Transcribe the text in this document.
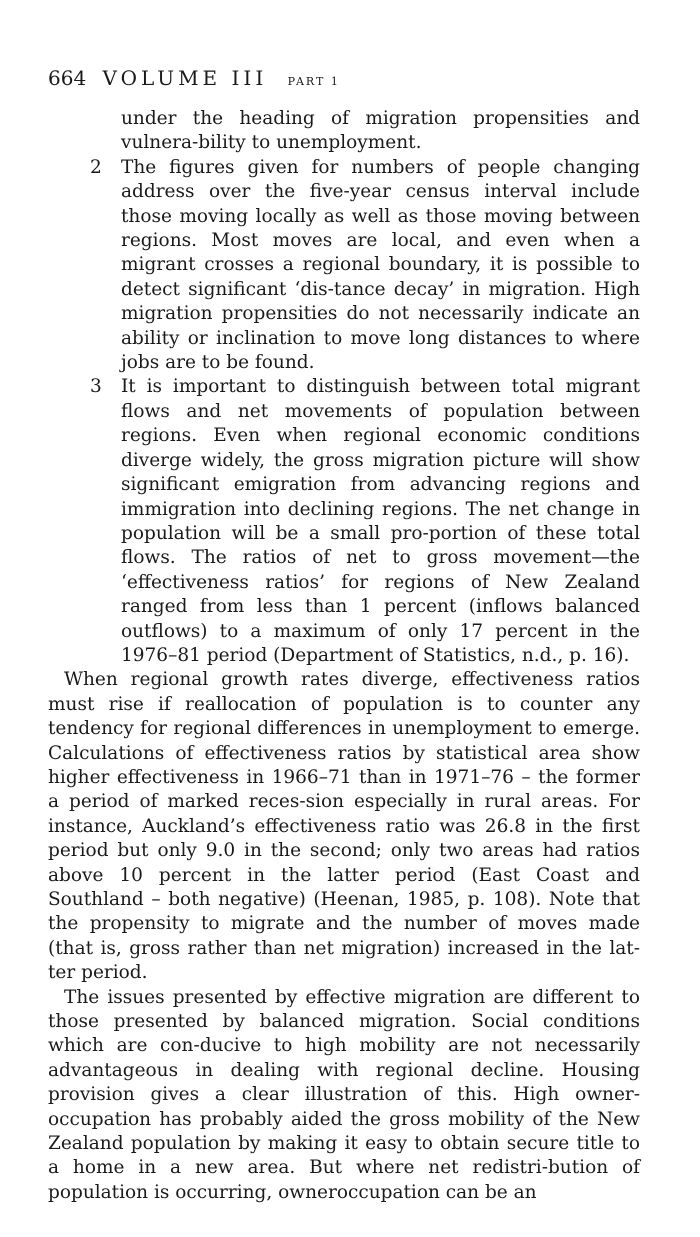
664 VOLUME III PART 1

under the heading of migration propensities and vulnera-bility to unemployment.

2 The figures given for numbers of people changing address over the five-year census interval include those moving locally as well as those moving between regions. Most moves are local, and even when a migrant crosses a regional boundary, it is possible to detect significant ‘dis-tance decay’ in migration. High migration propensities do not necessarily indicate an ability or inclination to move long distances to where jobs are to be found.

3 It is important to distinguish between total migrant flows and net movements of population between regions. Even when regional economic conditions diverge widely, the gross migration picture will show significant emigration from advancing regions and immigration into declining regions. The net change in population will be a small pro-portion of these total flows. The ratios of net to gross movement—the ‘effectiveness ratios’ for regions of New Zealand ranged from less than 1 percent (inflows balanced outflows) to a maximum of only 17 percent in the 1976–81 period (Department of Statistics, n.d., p. 16).

When regional growth rates diverge, effectiveness ratios must rise if reallocation of population is to counter any tendency for regional differences in unemployment to emerge. Calculations of effectiveness ratios by statistical area show higher effectiveness in 1966–71 than in 1971–76 – the former a period of marked reces-sion especially in rural areas. For instance, Auckland’s effectiveness ratio was 26.8 in the first period but only 9.0 in the second; only two areas had ratios above 10 percent in the latter period (East Coast and Southland – both negative) (Heenan, 1985, p. 108). Note that the propensity to migrate and the number of moves made (that is, gross rather than net migration) increased in the lat-ter period.

The issues presented by effective migration are different to those presented by balanced migration. Social conditions which are con-ducive to high mobility are not necessarily advantageous in dealing with regional decline. Housing provision gives a clear illustration of this. High owner-occupation has probably aided the gross mobility of the New Zealand population by making it easy to obtain secure title to a home in a new area. But where net redistri-bution of population is occurring, owneroccupation can be an
